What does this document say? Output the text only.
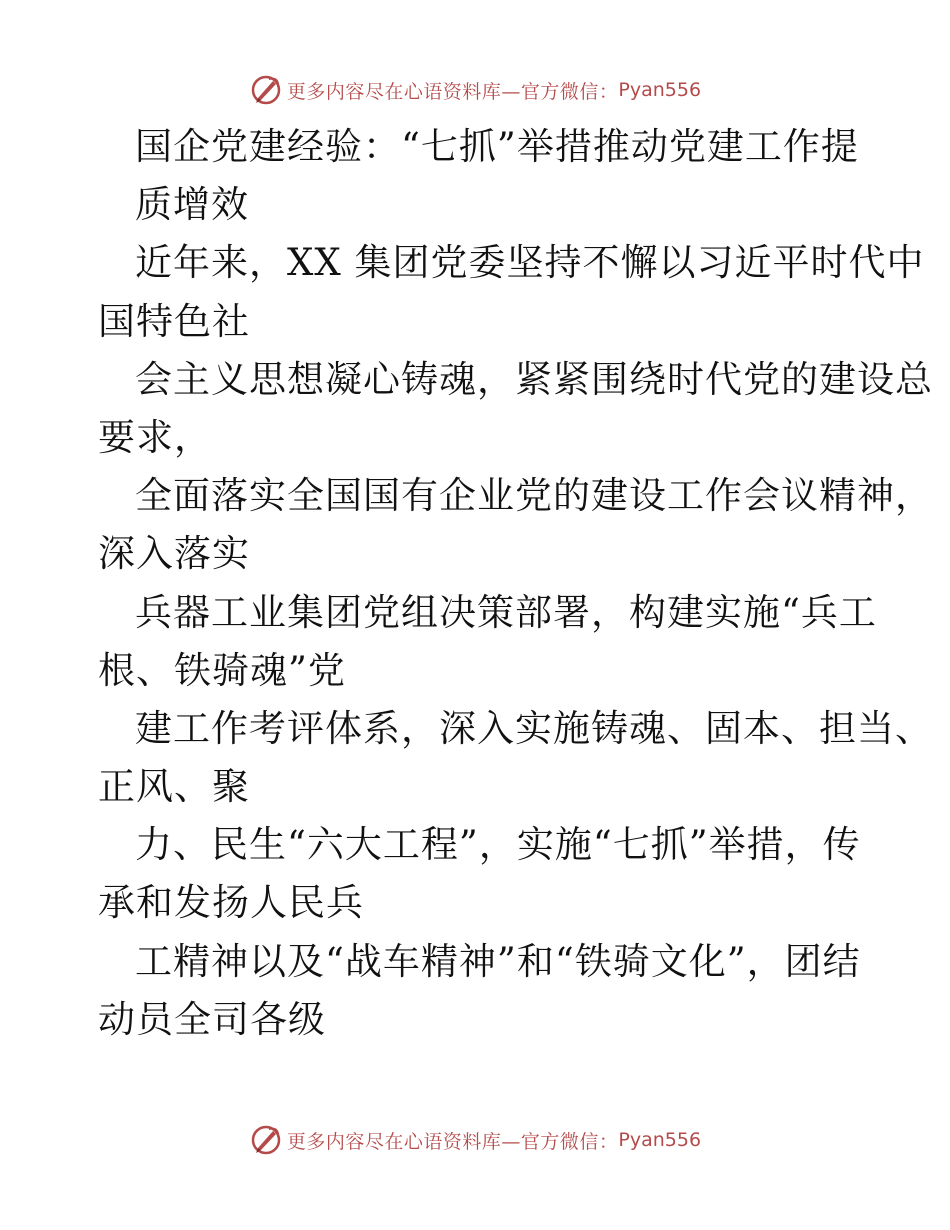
更多内容尽在心语资料库—官方微信： Pyan556
国企党建经验：“七抓”举措推动党建工作提
质增效
近年来，XX 集团党委坚持不懈以习近平时代中
国特色社
会主义思想凝心铸魂，紧紧围绕时代党的建设总
要求，
全面落实全国国有企业党的建设工作会议精神，
深入落实
兵器工业集团党组决策部署，构建实施“兵工
根、铁骑魂”党
建工作考评体系，深入实施铸魂、固本、担当、
正风、聚
力、民生“六大工程”，实施“七抓”举措，传
承和发扬人民兵
工精神以及“战车精神”和“铁骑文化”，团结
动员全司各级
更多内容尽在心语资料库—官方微信： Pyan556
